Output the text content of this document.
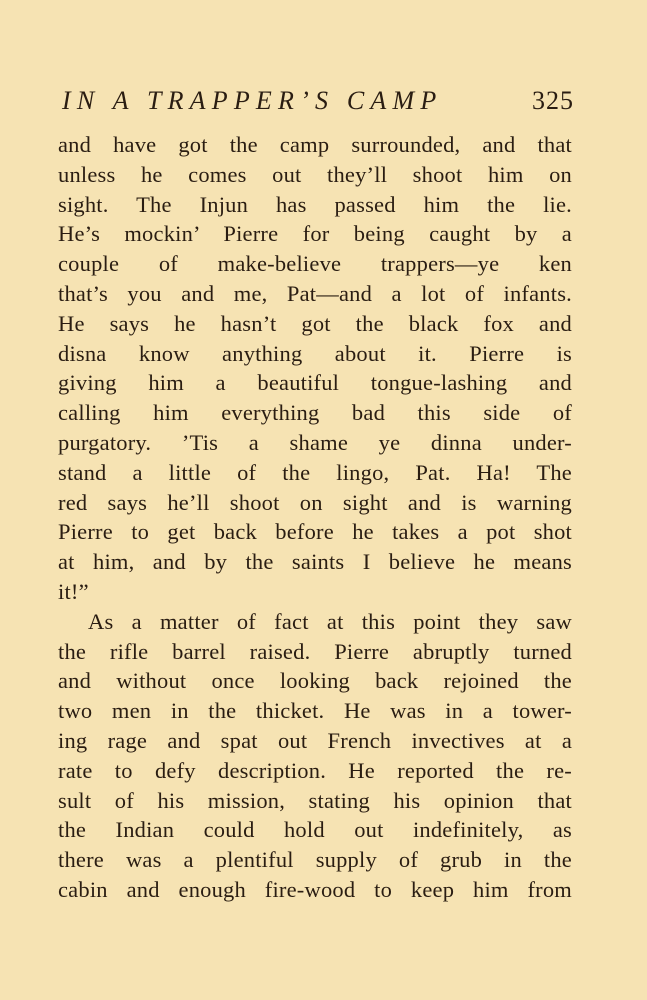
IN A TRAPPER’S CAMP	325
and have got the camp surrounded, and that
unless he comes out they’ll shoot him on
sight. The Injun has passed him the lie.
He’s mockin’ Pierre for being caught by a
couple of make-believe trappers—ye ken
that’s you and me, Pat—and a lot of infants.
He says he hasn’t got the black fox and
disna know anything about it. Pierre is
giving him a beautiful tongue-lashing and
calling him everything bad this side of
purgatory. ’Tis a shame ye dinna under-
stand a little of the lingo, Pat. Ha! The
red says he’ll shoot on sight and is warning
Pierre to get back before he takes a pot shot
at him, and by the saints I believe he means
it!”
As a matter of fact at this point they saw
the rifle barrel raised. Pierre abruptly turned
and without once looking back rejoined the
two men in the thicket. He was in a tower-
ing rage and spat out French invectives at a
rate to defy description. He reported the re-
sult of his mission, stating his opinion that
the Indian could hold out indefinitely, as
there was a plentiful supply of grub in the
cabin and enough fire-wood to keep him from
